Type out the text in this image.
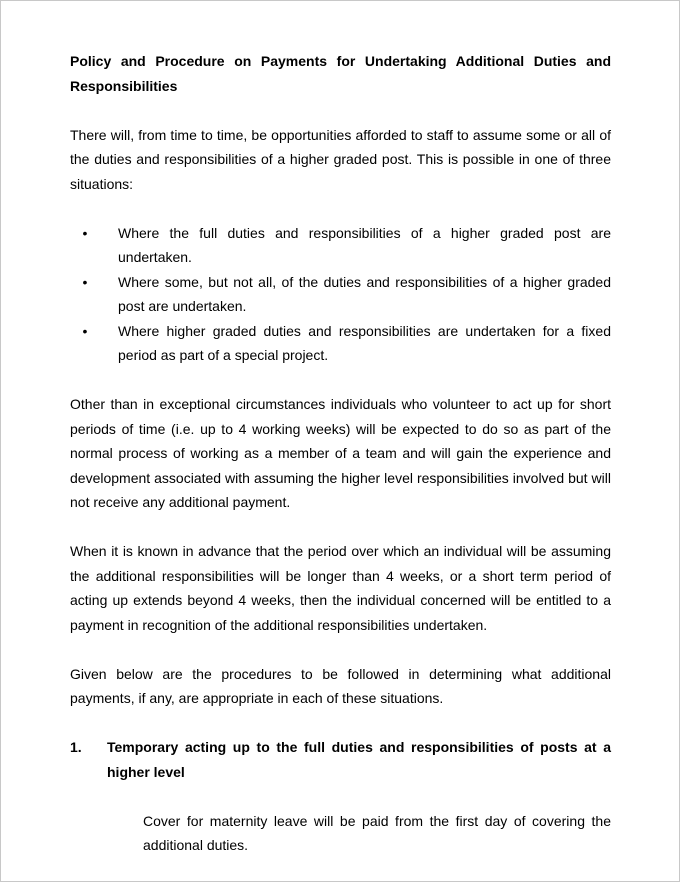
Policy and Procedure on Payments for Undertaking Additional Duties and Responsibilities

There will, from time to time, be opportunities afforded to staff to assume some or all of the duties and responsibilities of a higher graded post. This is possible in one of three situations:

• Where the full duties and responsibilities of a higher graded post are undertaken.
• Where some, but not all, of the duties and responsibilities of a higher graded post are undertaken.
• Where higher graded duties and responsibilities are undertaken for a fixed period as part of a special project.

Other than in exceptional circumstances individuals who volunteer to act up for short periods of time (i.e. up to 4 working weeks) will be expected to do so as part of the normal process of working as a member of a team and will gain the experience and development associated with assuming the higher level responsibilities involved but will not receive any additional payment.

When it is known in advance that the period over which an individual will be assuming the additional responsibilities will be longer than 4 weeks, or a short term period of acting up extends beyond 4 weeks, then the individual concerned will be entitled to a payment in recognition of the additional responsibilities undertaken.

Given below are the procedures to be followed in determining what additional payments, if any, are appropriate in each of these situations.

1. Temporary acting up to the full duties and responsibilities of posts at a higher level

Cover for maternity leave will be paid from the first day of covering the additional duties.
